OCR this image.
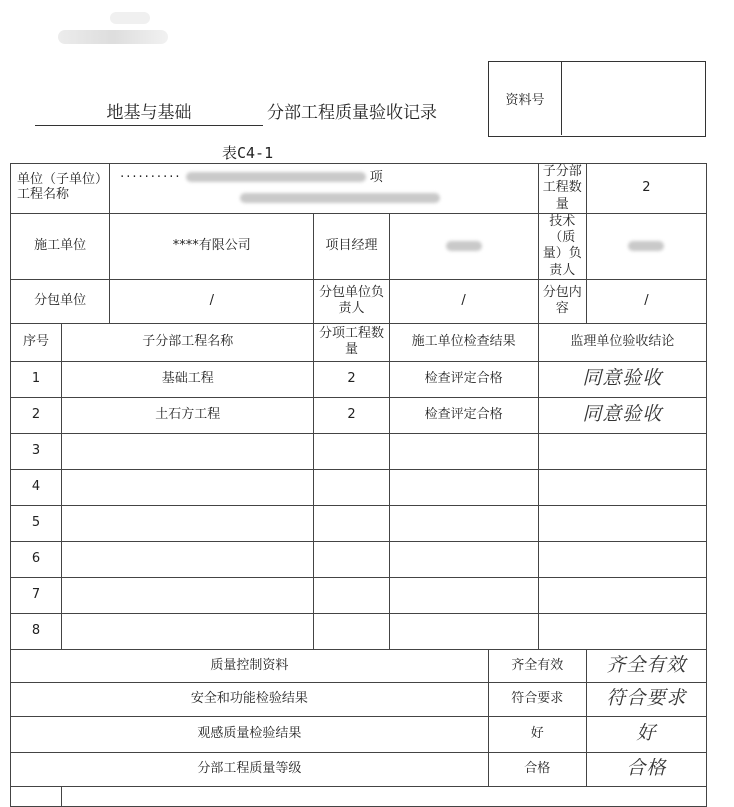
地基与基础	分部工程质量验收记录
资料号
表C4-1
单位（子单位）工程名称		·········· 项				子分部工程数量	2
施工单位		****有限公司	项目经理			技术（质量）负责人	
分包单位		/	分包单位负责人	/		分包内容	/
序号	子分部工程名称		分项工程数量	施工单位检查结果		监理单位验收结论	
1	基础工程		2	检查评定合格		同意验收	
2	土石方工程		2	检查评定合格		同意验收	
3							
4							
5							
6							
7							
8							
质量控制资料					齐全有效		齐全有效
安全和功能检验结果					符合要求		符合要求
观感质量检验结果					好		好
分部工程质量等级					合格		合格
